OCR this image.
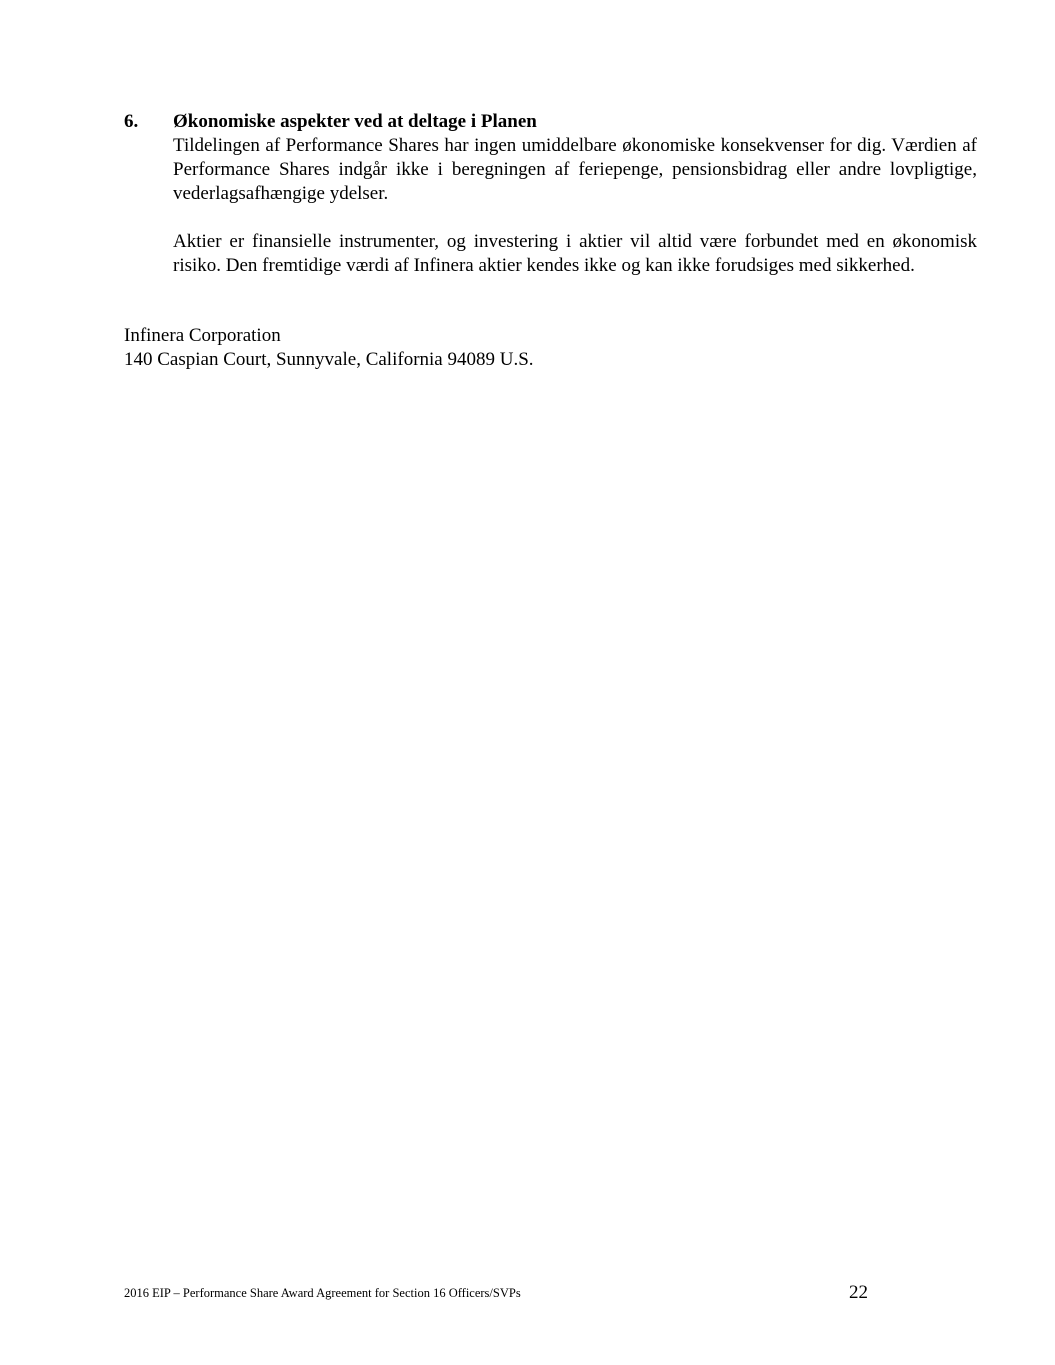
6.	Økonomiske aspekter ved at deltage i Planen

Tildelingen af Performance Shares har ingen umiddelbare økonomiske konsekvenser for dig. Værdien af Performance Shares indgår ikke i beregningen af feriepenge, pensionsbidrag eller andre lovpligtige, vederlagsafhængige ydelser.

Aktier er finansielle instrumenter, og investering i aktier vil altid være forbundet med en økonomisk risiko. Den fremtidige værdi af Infinera aktier kendes ikke og kan ikke forudsiges med sikkerhed.

Infinera Corporation
140 Caspian Court, Sunnyvale, California 94089 U.S.
2016 EIP – Performance Share Award Agreement for Section 16 Officers/SVPs	22
